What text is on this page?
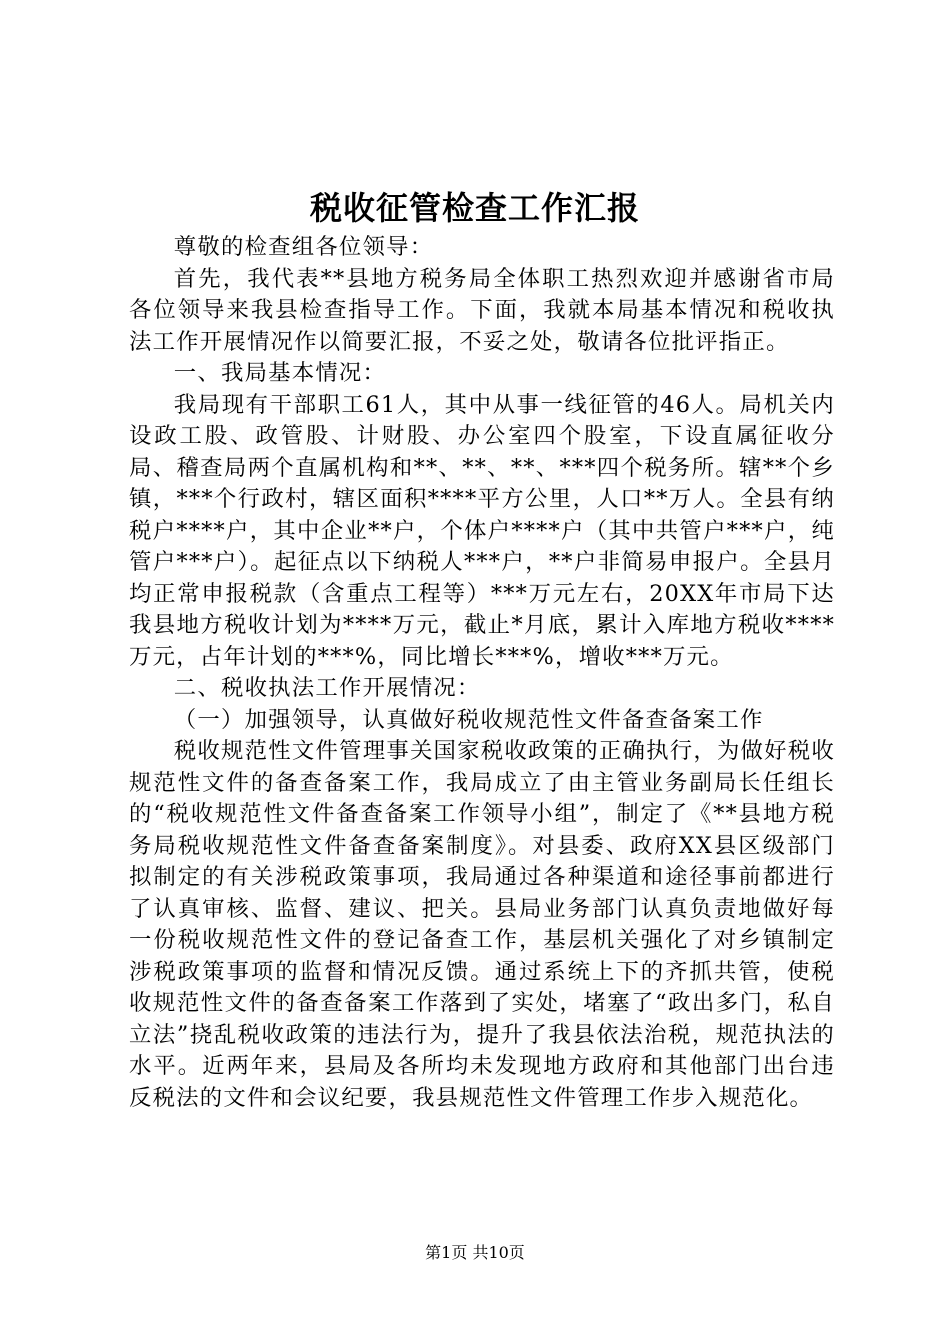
税收征管检查工作汇报

尊敬的检查组各位领导：

首先，我代表**县地方税务局全体职工热烈欢迎并感谢省市局各位领导来我县检查指导工作。下面，我就本局基本情况和税收执法工作开展情况作以简要汇报，不妥之处，敬请各位批评指正。

一、我局基本情况：

我局现有干部职工61人，其中从事一线征管的46人。局机关内设政工股、政管股、计财股、办公室四个股室，下设直属征收分局、稽查局两个直属机构和**、**、**、***四个税务所。辖**个乡镇，***个行政村，辖区面积****平方公里，人口**万人。全县有纳税户****户，其中企业**户，个体户****户（其中共管户***户，纯管户***户）。起征点以下纳税人***户，**户非简易申报户。全县月均正常申报税款（含重点工程等）***万元左右，20XX年市局下达我县地方税收计划为****万元，截止*月底，累计入库地方税收****万元，占年计划的***%，同比增长***%，增收***万元。

二、税收执法工作开展情况：

（一）加强领导，认真做好税收规范性文件备查备案工作

税收规范性文件管理事关国家税收政策的正确执行，为做好税收规范性文件的备查备案工作，我局成立了由主管业务副局长任组长的“税收规范性文件备查备案工作领导小组”，制定了《**县地方税务局税收规范性文件备查备案制度》。对县委、政府XX县区级部门拟制定的有关涉税政策事项，我局通过各种渠道和途径事前都进行了认真审核、监督、建议、把关。县局业务部门认真负责地做好每一份税收规范性文件的登记备查工作，基层机关强化了对乡镇制定涉税政策事项的监督和情况反馈。通过系统上下的齐抓共管，使税收规范性文件的备查备案工作落到了实处，堵塞了“政出多门，私自立法”挠乱税收政策的违法行为，提升了我县依法治税，规范执法的水平。近两年来，县局及各所均未发现地方政府和其他部门出台违反税法的文件和会议纪要，我县规范性文件管理工作步入规范化。

第1页 共10页
